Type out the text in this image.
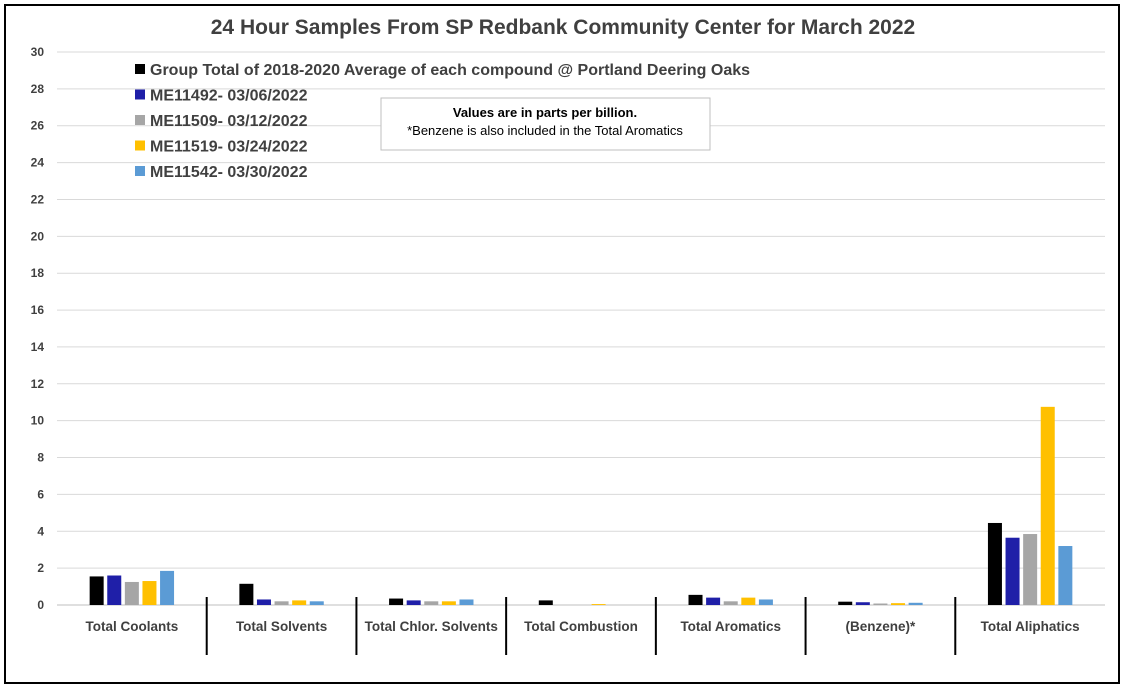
24 Hour Samples From SP Redbank Community Center for March 2022
0
2
4
6
8
10
12
14
16
18
20
22
24
26
28
30
Total Coolants	Total Solvents	Total Chlor. Solvents Total Combustion	Total Aromatics	(Benzene)*	Total Aliphatics
Group Total of 2018-2020 Average of each compound @ Portland Deering Oaks
ME11492- 03/06/2022
ME11509- 03/12/2022
ME11519- 03/24/2022
ME11542- 03/30/2022
Values are in parts per billion.
*Benzene is also included in the Total Aromatics
